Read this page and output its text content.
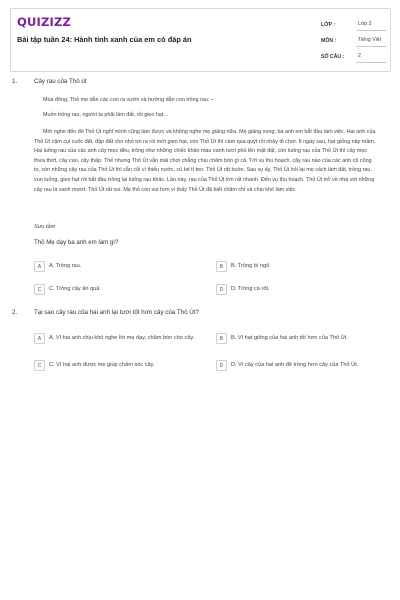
QUIZIZZ
Bài tập tuần 24: Hành tinh xanh của em có đáp án
LỚP :	Lớp 2
MÔN :	Tiếng Việt
SỐ CÂU :	2
1.	Cây rau của Thỏ út
Mùa đông, Thỏ mẹ dẫn các con ra vườn và hướng dẫn con trồng rau: –
Muốn trồng rau, người ta phải làm đất, rồi gieo hạt…
Mới nghe đến đó Thỏ Út nghĩ mình cũng làm được và không nghe mẹ giảng nữa. Mẹ giảng xong, ba anh em bắt đầu làm việc. Hai anh của Thỏ Út cặm cụi cuốc đất, đập đất cho nhỏ tơi ra rồi mới gieo hạt, còn Thỏ Út thì cầm qua quýt rồi nhảy đi chơi. Ít ngày sau, hạt giống nảy mầm. Hai luống rau của các anh cây mọc đều, trông như những chiếc khăn màu xanh tươi phủ lên mặt đất, còn luống rau của Thỏ Út thì cây mọc thưa thớt, cây cao, cây thấp. Thế nhưng Thỏ Út vẫn mải chơi chẳng chịu chăm bón gì cả. Tới vụ thu hoạch, cây rau nào của các anh cũ cũng to, còn những cây rau của Thỏ Út thì cằn cỗi vì thiếu nước, củ bé tí teo. Thỏ Út rất buồn. Sau vụ ấy, Thỏ Út hỏi lại mẹ cách làm đất, trồng rau, vun luống, gieo hạt rồi bắt đầu trồng lại luống rau khác. Lần này, rau của Thỏ Út lớn rất nhanh. Đến vụ thu hoạch, Thỏ Út trở về nhà với những cây rau lá xanh mướt. Thỏ Út rất vui. Mẹ thỏ còn vui hơn vì thấy Thỏ Út đã biết chăm chỉ và chịu khó làm việc.
Sưu tầm
Thỏ Mẹ dạy ba anh em làm gì?
A	A. Trồng rau.	B	B. Trồng bí ngô.
C	C. Trồng cây ăn quả.	D	D. Trồng cà rốt.
2.	Tại sao cây rau của hai anh lại tươi tốt hơn cây của Thỏ Út?
A	A. Vì hai anh chịu khó nghe lời mẹ dạy, chăm bón cho cây.	B	B. Vì hạt giống của hai anh tốt hơn của Thỏ Út.
C	C. Vì hai anh được mẹ giúp chăm sóc cây.	D	D. Vì cây của hai anh để trồng hơn cây của Thỏ Út.
